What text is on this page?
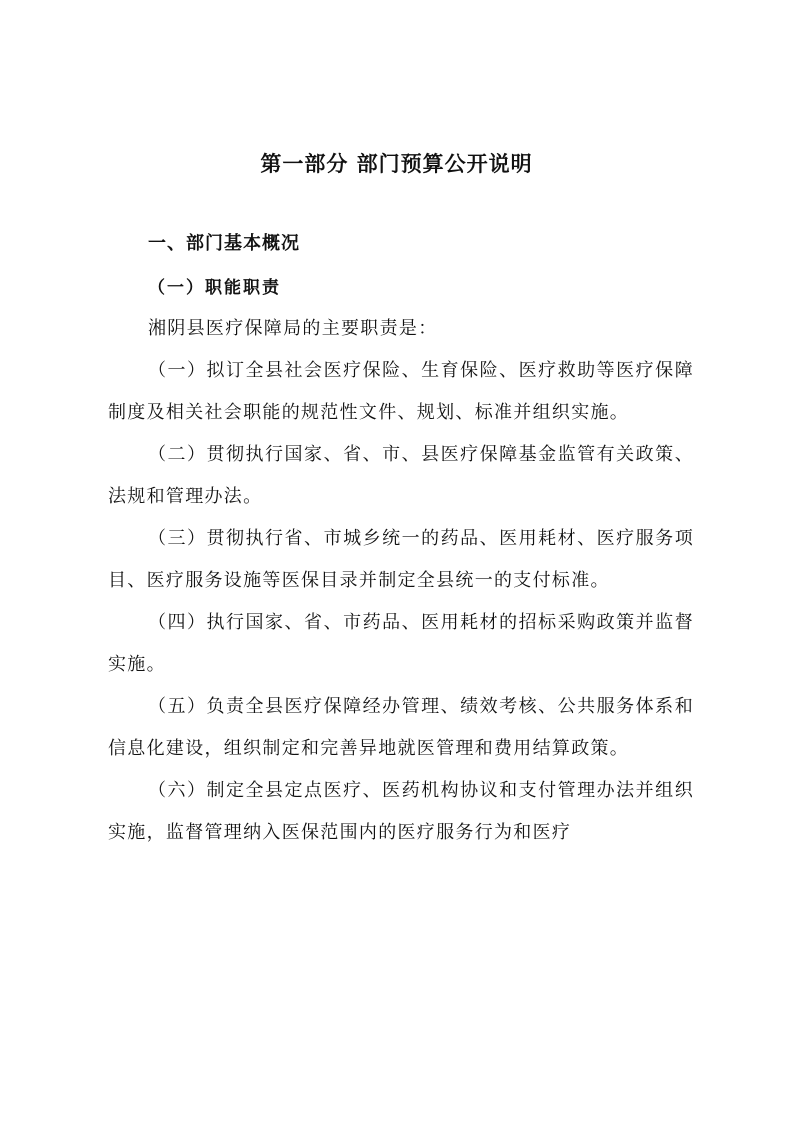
第一部分 部门预算公开说明
一、部门基本概况
（一）职能职责

湘阴县医疗保障局的主要职责是：

（一）拟订全县社会医疗保险、生育保险、医疗救助等医疗保障制度及相关社会职能的规范性文件、规划、标准并组织实施。

（二）贯彻执行国家、省、市、县医疗保障基金监管有关政策、法规和管理办法。

（三）贯彻执行省、市城乡统一的药品、医用耗材、医疗服务项目、医疗服务设施等医保目录并制定全县统一的支付标准。

（四）执行国家、省、市药品、医用耗材的招标采购政策并监督实施。

（五）负责全县医疗保障经办管理、绩效考核、公共服务体系和信息化建设，组织制定和完善异地就医管理和费用结算政策。

（六）制定全县定点医疗、医药机构协议和支付管理办法并组织实施，监督管理纳入医保范围内的医疗服务行为和医疗
